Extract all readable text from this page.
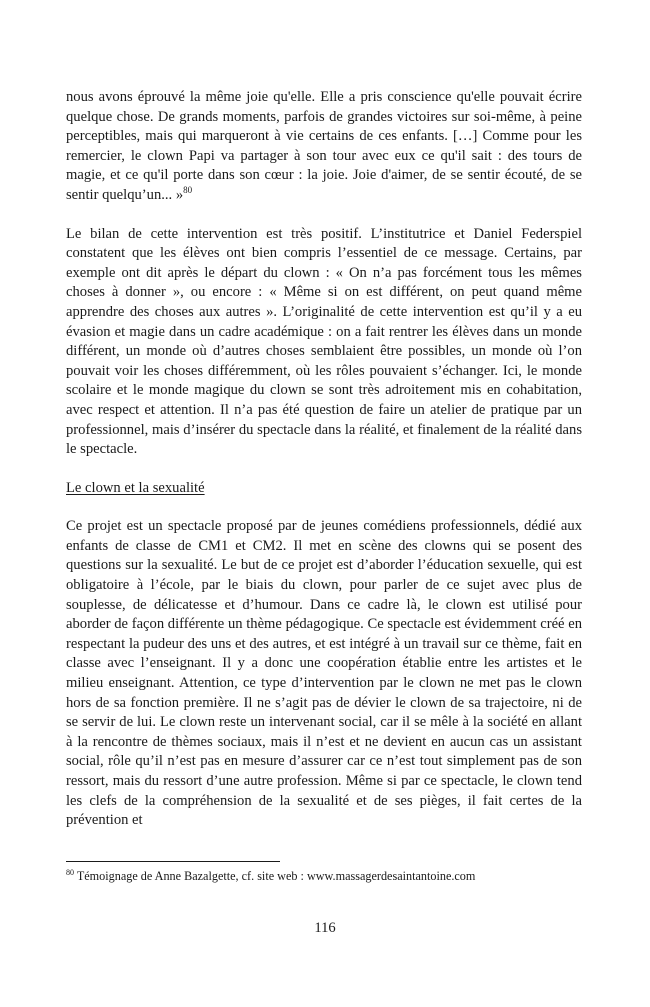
nous avons éprouvé la même joie qu'elle. Elle a pris conscience qu'elle pouvait écrire quelque chose. De grands moments, parfois de grandes victoires sur soi-même, à peine perceptibles, mais qui marqueront à vie certains de ces enfants. […] Comme pour les remercier, le clown Papi va partager à son tour avec eux ce qu'il sait : des tours de magie, et ce qu'il porte dans son cœur : la joie. Joie d'aimer, de se sentir écouté, de se sentir quelqu’un... »$^{80}$

Le bilan de cette intervention est très positif. L’institutrice et Daniel Federspiel constatent que les élèves ont bien compris l’essentiel de ce message. Certains, par exemple ont dit après le départ du clown : « On n’a pas forcément tous les mêmes choses à donner », ou encore : « Même si on est différent, on peut quand même apprendre des choses aux autres ». L’originalité de cette intervention est qu’il y a eu évasion et magie dans un cadre académique : on a fait rentrer les élèves dans un monde différent, un monde où d’autres choses semblaient être possibles, un monde où l’on pouvait voir les choses différemment, où les rôles pouvaient s’échanger. Ici, le monde scolaire et le monde magique du clown se sont très adroitement mis en cohabitation, avec respect et attention. Il n’a pas été question de faire un atelier de pratique par un professionnel, mais d’insérer du spectacle dans la réalité, et finalement de la réalité dans le spectacle.

Le clown et la sexualité

Ce projet est un spectacle proposé par de jeunes comédiens professionnels, dédié aux enfants de classe de CM1 et CM2. Il met en scène des clowns qui se posent des questions sur la sexualité. Le but de ce projet est d’aborder l’éducation sexuelle, qui est obligatoire à l’école, par le biais du clown, pour parler de ce sujet avec plus de souplesse, de délicatesse et d’humour. Dans ce cadre là, le clown est utilisé pour aborder de façon différente un thème pédagogique. Ce spectacle est évidemment créé en respectant la pudeur des uns et des autres, et est intégré à un travail sur ce thème, fait en classe avec l’enseignant. Il y a donc une coopération établie entre les artistes et le milieu enseignant. Attention, ce type d’intervention par le clown ne met pas le clown hors de sa fonction première. Il ne s’agit pas de dévier le clown de sa trajectoire, ni de se servir de lui. Le clown reste un intervenant social, car il se mêle à la société en allant à la rencontre de thèmes sociaux, mais il n’est et ne devient en aucun cas un assistant social, rôle qu’il n’est pas en mesure d’assurer car ce n’est tout simplement pas de son ressort, mais du ressort d’une autre profession. Même si par ce spectacle, le clown tend les clefs de la compréhension de la sexualité et de ses pièges, il fait certes de la prévention et

$^{80}$ Témoignage de Anne Bazalgette, cf. site web : www.massagerdesaintantoine.com
116
